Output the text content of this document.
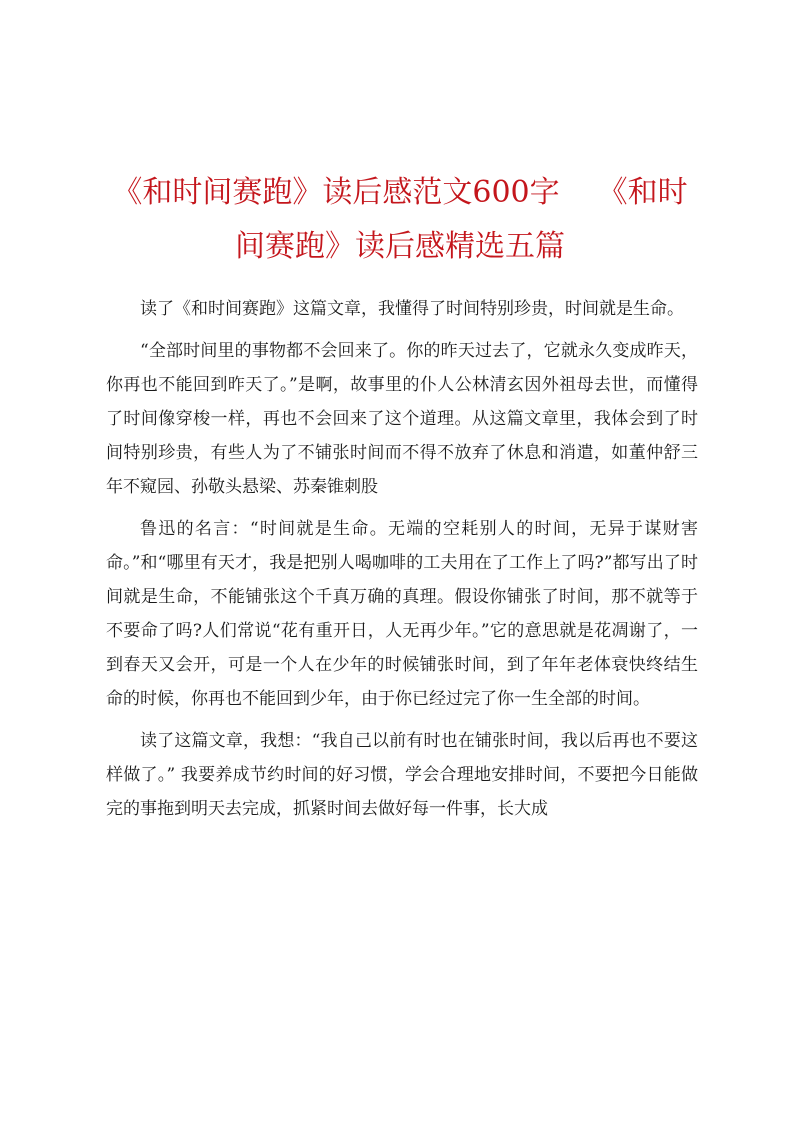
《和时间赛跑》读后感范文600字 《和时间赛跑》读后感精选五篇

读了《和时间赛跑》这篇文章，我懂得了时间特别珍贵，时间就是生命。

“全部时间里的事物都不会回来了。你的昨天过去了，它就永久变成昨天，你再也不能回到昨天了。”是啊，故事里的仆人公林清玄因外祖母去世，而懂得了时间像穿梭一样，再也不会回来了这个道理。从这篇文章里，我体会到了时间特别珍贵，有些人为了不铺张时间而不得不放弃了休息和消遣，如董仲舒三年不窥园、孙敬头悬梁、苏秦锥刺股

鲁迅的名言：“时间就是生命。无端的空耗别人的时间，无异于谋财害命。”和“哪里有天才，我是把别人喝咖啡的工夫用在了工作上了吗?”都写出了时间就是生命，不能铺张这个千真万确的真理。假设你铺张了时间，那不就等于不要命了吗?人们常说“花有重开日，人无再少年。”它的意思就是花凋谢了，一到春天又会开，可是一个人在少年的时候铺张时间，到了年年老体衰快终结生命的时候，你再也不能回到少年，由于你已经过完了你一生全部的时间。

读了这篇文章，我想：“我自己以前有时也在铺张时间，我以后再也不要这样做了。” 我要养成节约时间的好习惯，学会合理地安排时间，不要把今日能做完的事拖到明天去完成，抓紧时间去做好每一件事，长大成
